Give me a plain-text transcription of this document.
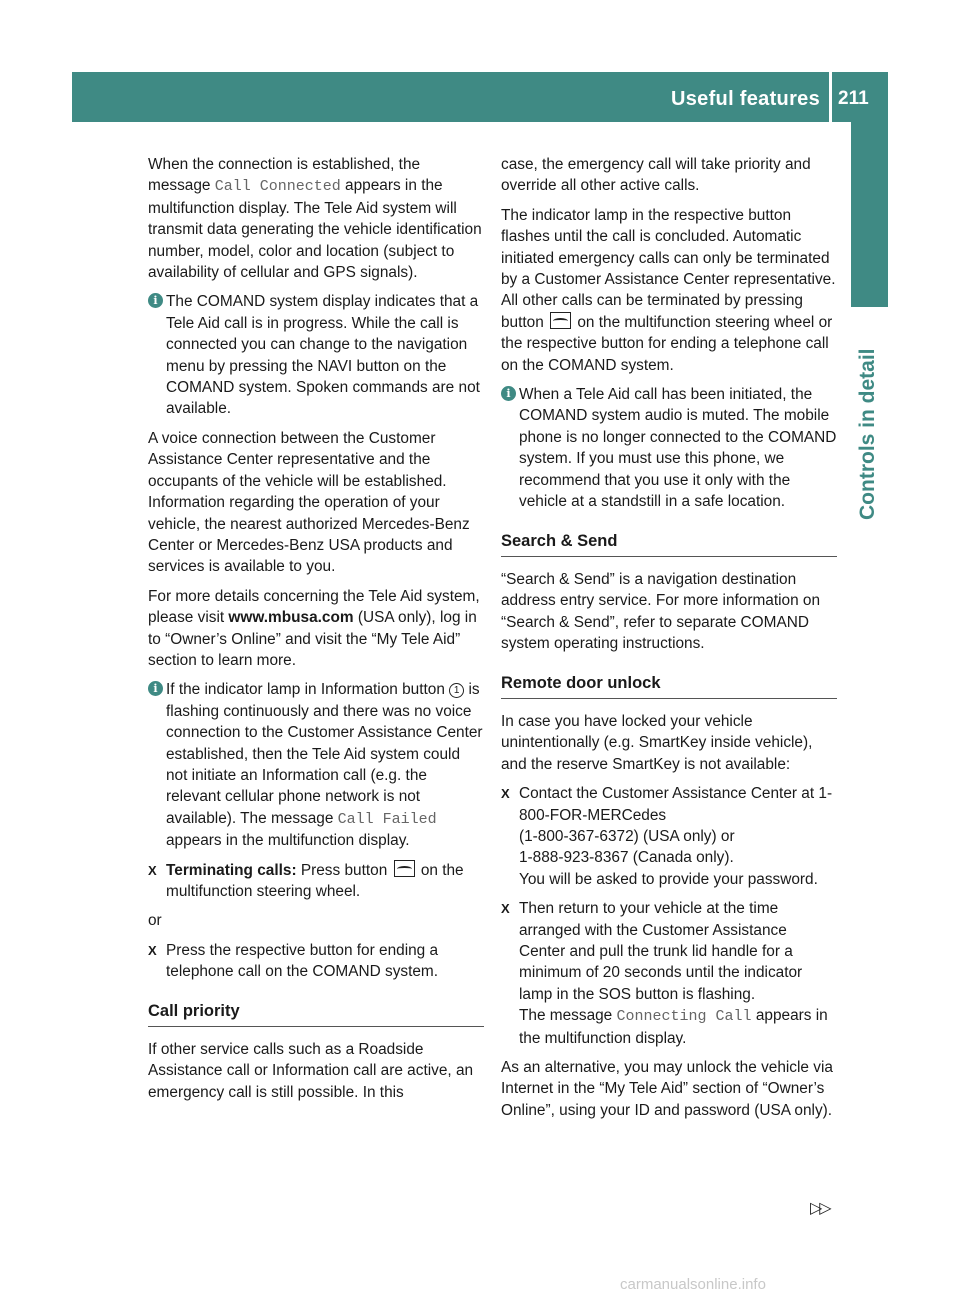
Useful features 211
Controls in detail

When the connection is established, the message Call Connected appears in the multifunction display. The Tele Aid system will transmit data generating the vehicle identification number, model, color and location (subject to availability of cellular and GPS signals).

i The COMAND system display indicates that a Tele Aid call is in progress. While the call is connected you can change to the navigation menu by pressing the NAVI button on the COMAND system. Spoken commands are not available.

A voice connection between the Customer Assistance Center representative and the occupants of the vehicle will be established. Information regarding the operation of your vehicle, the nearest authorized Mercedes-Benz Center or Mercedes-Benz USA products and services is available to you.

For more details concerning the Tele Aid system, please visit www.mbusa.com (USA only), log in to “Owner’s Online” and visit the “My Tele Aid” section to learn more.

i If the indicator lamp in Information button 1 is flashing continuously and there was no voice connection to the Customer Assistance Center established, then the Tele Aid system could not initiate an Information call (e.g. the relevant cellular phone network is not available). The message Call Failed appears in the multifunction display.
X Terminating calls: Press button  on the multifunction steering wheel.

or

X Press the respective button for ending a telephone call on the COMAND system.
Call priority

If other service calls such as a Roadside Assistance call or Information call are active, an emergency call is still possible. In this

case, the emergency call will take priority and override all other active calls.

The indicator lamp in the respective button flashes until the call is concluded. Automatic initiated emergency calls can only be terminated by a Customer Assistance Center representative. All other calls can be terminated by pressing button  on the multifunction steering wheel or the respective button for ending a telephone call on the COMAND system.

i When a Tele Aid call has been initiated, the COMAND system audio is muted. The mobile phone is no longer connected to the COMAND system. If you must use this phone, we recommend that you use it only with the vehicle at a standstill in a safe location.
Search & Send

“Search & Send” is a navigation destination address entry service. For more information on “Search & Send”, refer to separate COMAND system operating instructions.

Remote door unlock

In case you have locked your vehicle unintentionally (e.g. SmartKey inside vehicle), and the reserve SmartKey is not available:

X Contact the Customer Assistance Center at 1-800-FOR-MERCedes
(1-800-367-6372) (USA only) or
1-888-923-8367 (Canada only).
You will be asked to provide your password.
X Then return to your vehicle at the time arranged with the Customer Assistance Center and pull the trunk lid handle for a minimum of 20 seconds until the indicator lamp in the SOS button is flashing.
The message Connecting Call appears in the multifunction display.

As an alternative, you may unlock the vehicle via Internet in the “My Tele Aid” section of “Owner’s Online”, using your ID and password (USA only).

▷▷
carmanualsonline.info
